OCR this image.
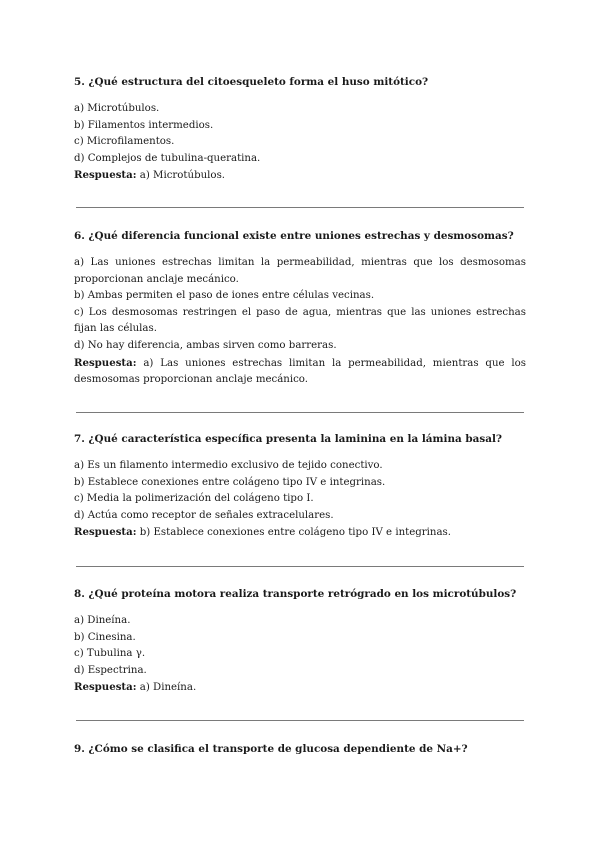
5. ¿Qué estructura del citoesqueleto forma el huso mitótico?

a) Microtúbulos.

b) Filamentos intermedios.

c) Microfilamentos.

d) Complejos de tubulina-queratina.

Respuesta: a) Microtúbulos.

6. ¿Qué diferencia funcional existe entre uniones estrechas y desmosomas?

a) Las uniones estrechas limitan la permeabilidad, mientras que los desmosomas proporcionan anclaje mecánico.

b) Ambas permiten el paso de iones entre células vecinas.

c) Los desmosomas restringen el paso de agua, mientras que las uniones estrechas fijan las células.

d) No hay diferencia, ambas sirven como barreras.

Respuesta: a) Las uniones estrechas limitan la permeabilidad, mientras que los desmosomas proporcionan anclaje mecánico.

7. ¿Qué característica específica presenta la laminina en la lámina basal?

a) Es un filamento intermedio exclusivo de tejido conectivo.

b) Establece conexiones entre colágeno tipo IV e integrinas.

c) Media la polimerización del colágeno tipo I.

d) Actúa como receptor de señales extracelulares.

Respuesta: b) Establece conexiones entre colágeno tipo IV e integrinas.

8. ¿Qué proteína motora realiza transporte retrógrado en los microtúbulos?

a) Dineína.

b) Cinesina.

c) Tubulina γ.

d) Espectrina.

Respuesta: a) Dineína.

9. ¿Cómo se clasifica el transporte de glucosa dependiente de Na+?
